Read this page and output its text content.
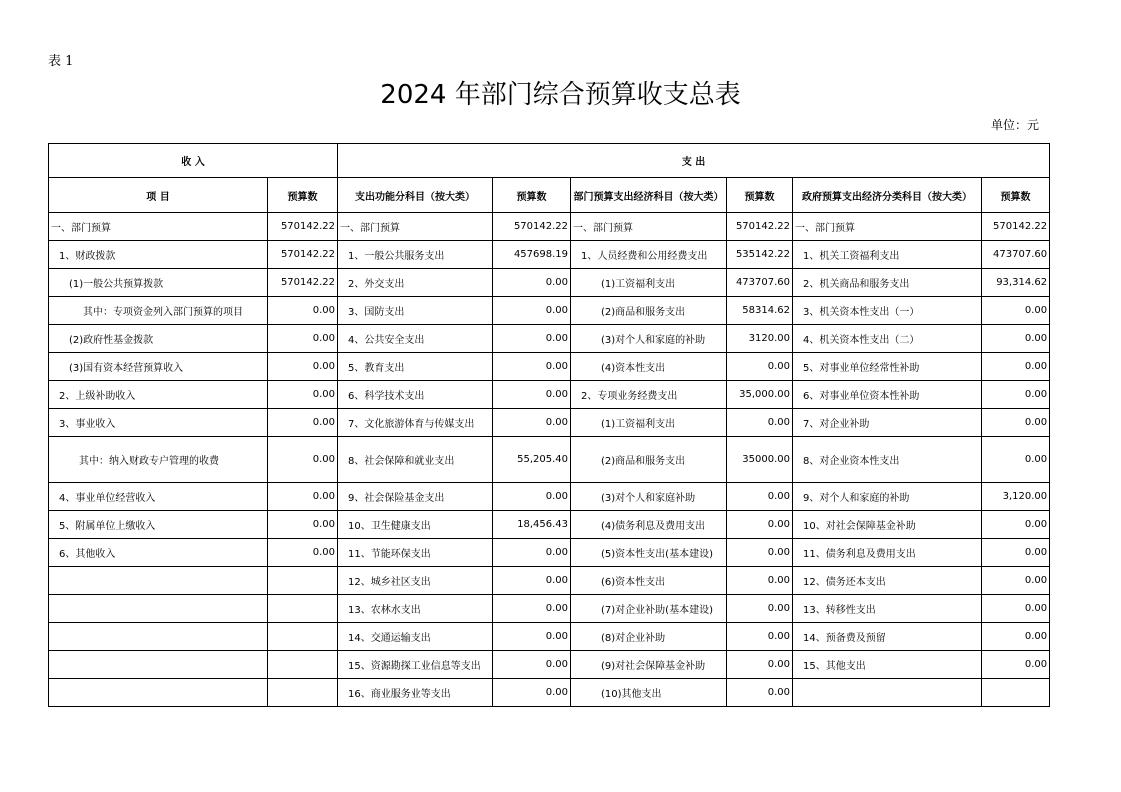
表 1
2024 年部门综合预算收支总表
单位：元
收 入		支 出					
项 目	预算数	支出功能分科目（按大类）	预算数	部门预算支出经济科目（按大类）	预算数	政府预算支出经济分类科目（按大类）	预算数
一、部门预算	570142.22	一、部门预算	570142.22	一、部门预算	570142.22	一、部门预算	570142.22
1、财政拨款	570142.22	1、一般公共服务支出	457698.19	1、人员经费和公用经费支出	535142.22	1、机关工资福利支出	473707.60
(1)一般公共预算拨款	570142.22	2、外交支出	0.00	(1)工资福利支出	473707.60	2、机关商品和服务支出	93,314.62
其中：专项资金列入部门预算的项目	0.00	3、国防支出	0.00	(2)商品和服务支出	58314.62	3、机关资本性支出（一）	0.00
(2)政府性基金拨款	0.00	4、公共安全支出	0.00	(3)对个人和家庭的补助	3120.00	4、机关资本性支出（二）	0.00
(3)国有资本经营预算收入	0.00	5、教育支出	0.00	(4)资本性支出	0.00	5、对事业单位经常性补助	0.00
2、上级补助收入	0.00	6、科学技术支出	0.00	2、专项业务经费支出	35,000.00	6、对事业单位资本性补助	0.00
3、事业收入	0.00	7、文化旅游体育与传媒支出	0.00	(1)工资福利支出	0.00	7、对企业补助	0.00
其中：纳入财政专户管理的收费	0.00	8、社会保障和就业支出	55,205.40	(2)商品和服务支出	35000.00	8、对企业资本性支出	0.00
4、事业单位经营收入	0.00	9、社会保险基金支出	0.00	(3)对个人和家庭补助	0.00	9、对个人和家庭的补助	3,120.00
5、附属单位上缴收入	0.00	10、卫生健康支出	18,456.43	(4)债务利息及费用支出	0.00	10、对社会保障基金补助	0.00
6、其他收入	0.00	11、节能环保支出	0.00	(5)资本性支出(基本建设)	0.00	11、债务利息及费用支出	0.00
		12、城乡社区支出	0.00	(6)资本性支出	0.00	12、债务还本支出	0.00
		13、农林水支出	0.00	(7)对企业补助(基本建设)	0.00	13、转移性支出	0.00
		14、交通运输支出	0.00	(8)对企业补助	0.00	14、预备费及预留	0.00
		15、资源勘探工业信息等支出	0.00	(9)对社会保障基金补助	0.00	15、其他支出	0.00
		16、商业服务业等支出	0.00	(10)其他支出	0.00		
